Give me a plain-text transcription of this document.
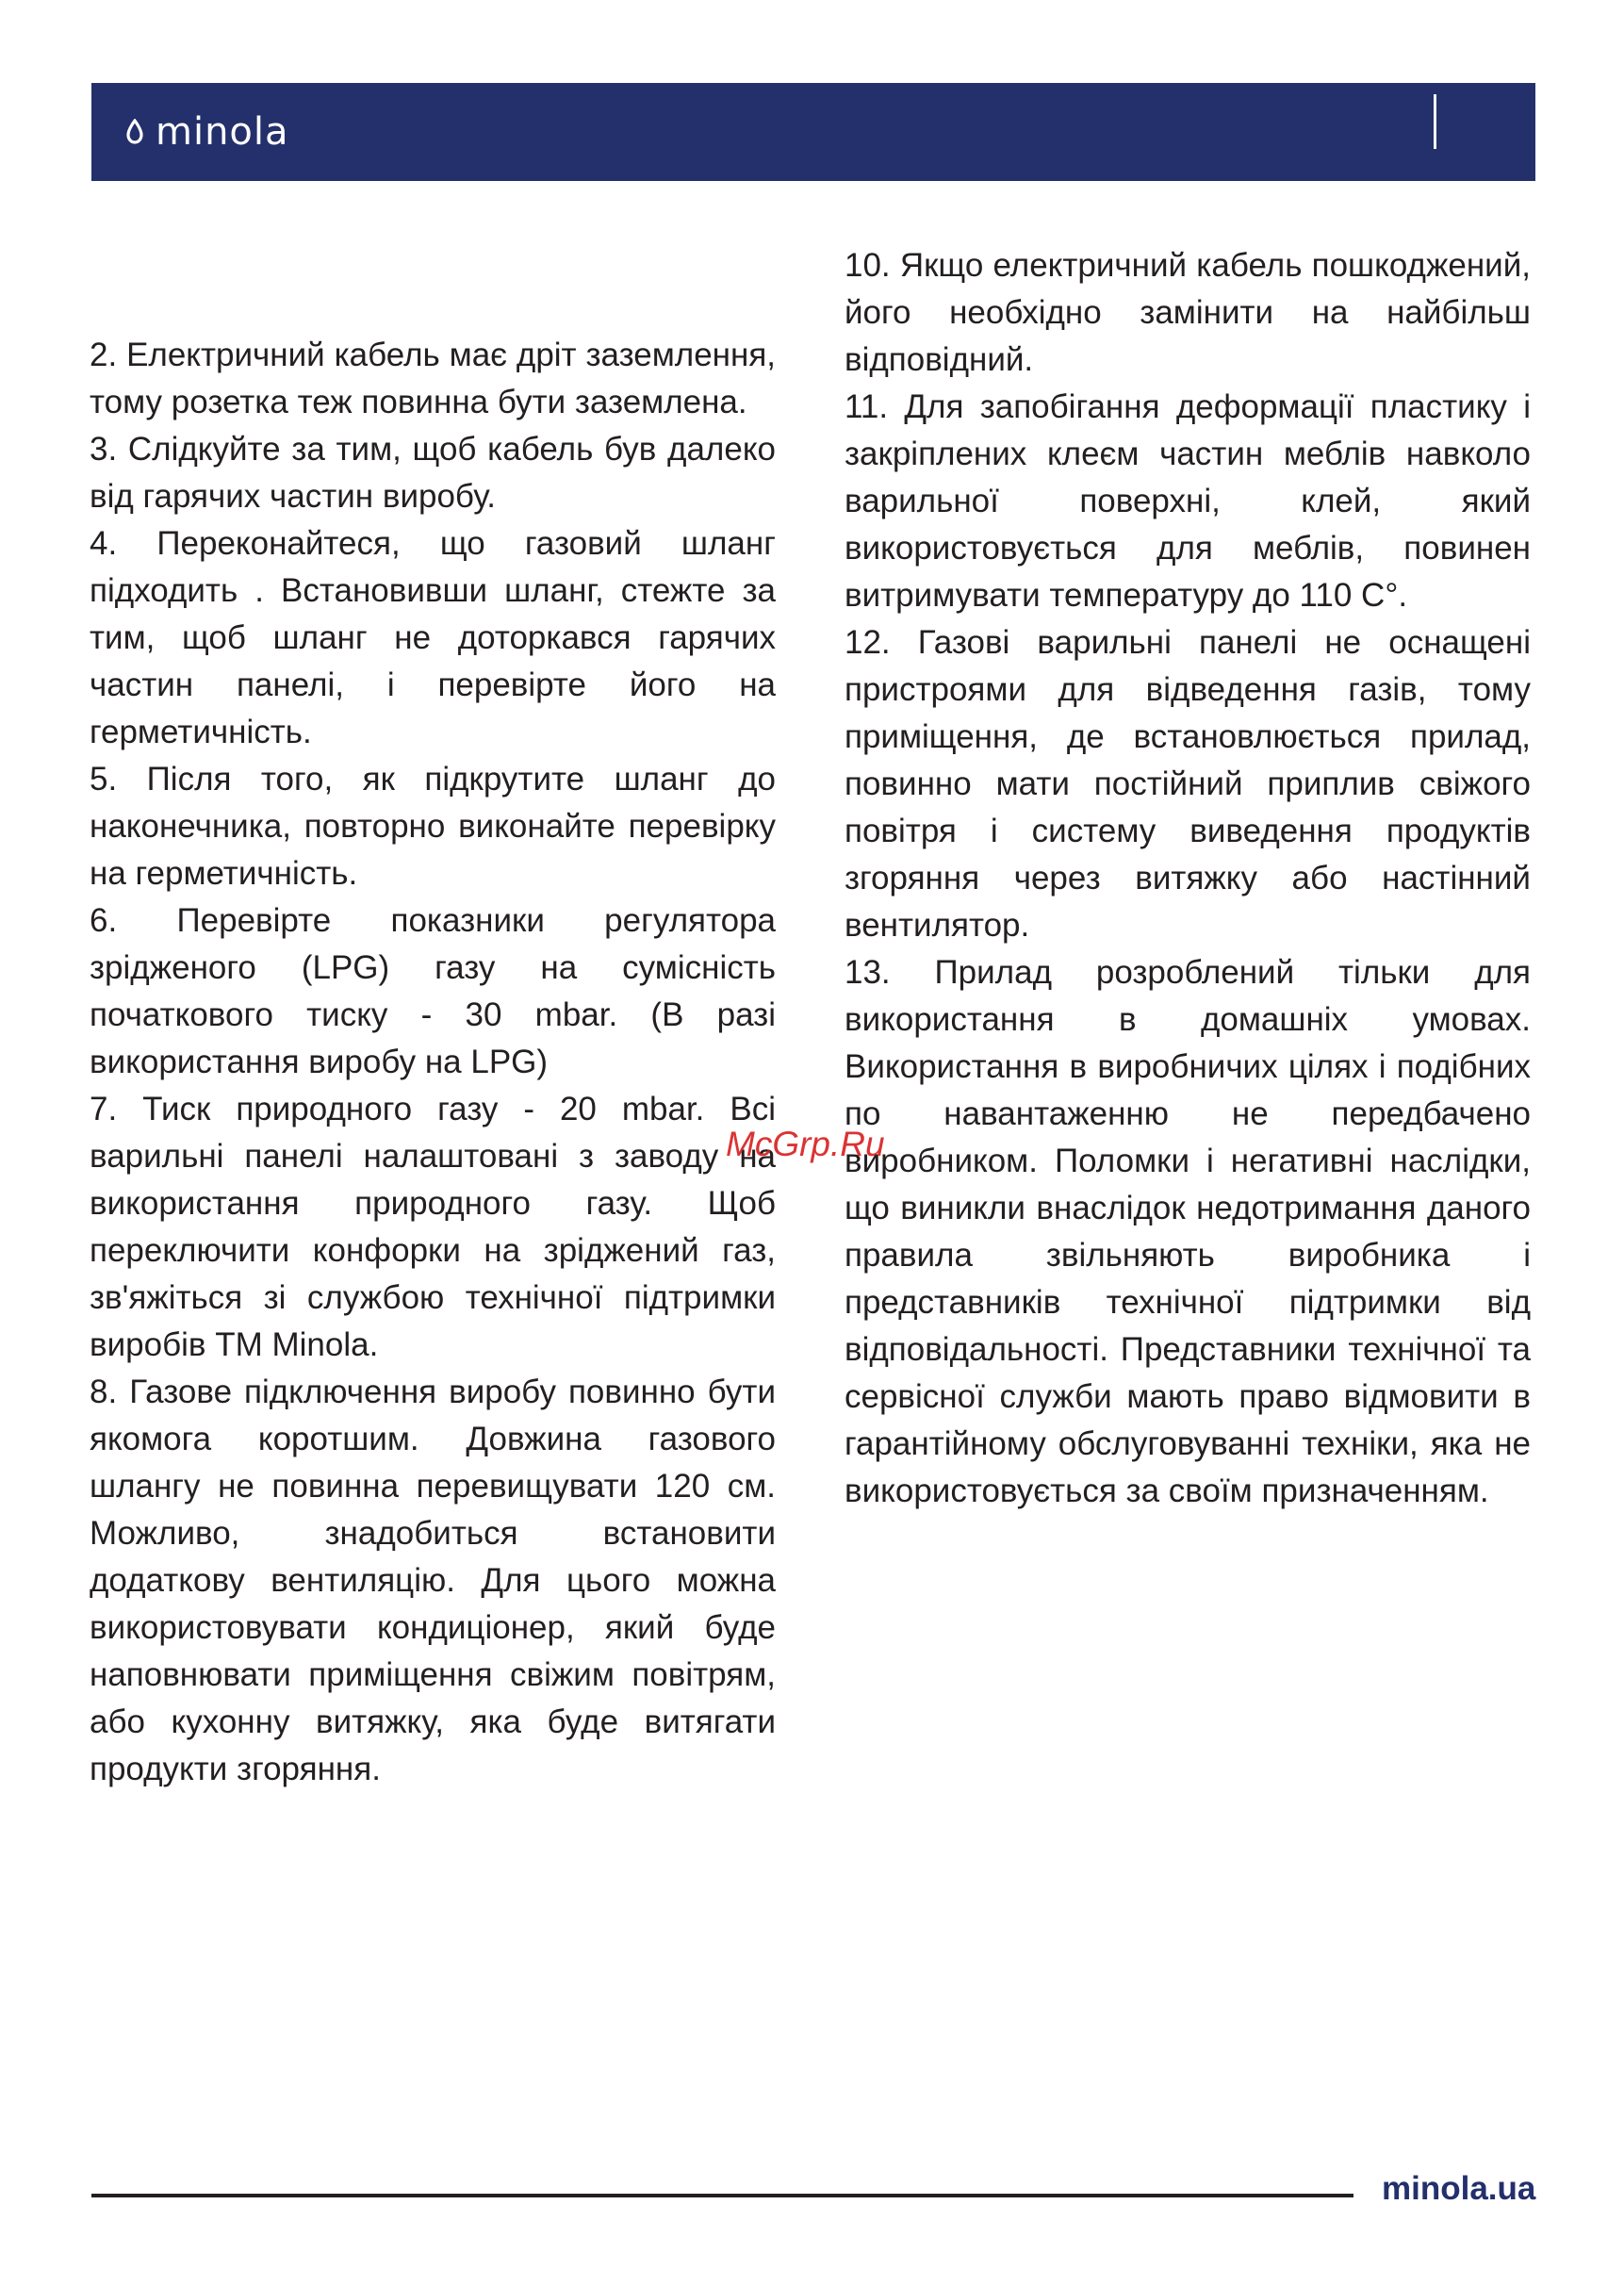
minola

2. Електричний кабель має дріт заземлення, тому розетка теж повинна бути заземлена.

3. Слідкуйте за тим, щоб кабель був далеко від гарячих частин виробу.

4. Переконайтеся, що газовий шланг підходить . Встановивши шланг, стежте за тим, щоб шланг не доторкався гарячих частин панелі, і перевірте його на герметичність.

5. Після того, як підкрутите шланг до наконечника, повторно виконайте перевірку на герметичність.

6. Перевірте показники регулятора зрідженого (LPG) газу на сумісність початкового тиску - 30 mbar. (В разі використання виробу на LPG)

7. Тиск природного газу - 20 mbar. Всі варильні панелі налаштовані з заводу на використання природного газу. Щоб переключити конфорки на зріджений газ, зв'яжіться зі службою технічної підтримки виробів ТМ Minola.

8. Газове підключення виробу повинно бути якомога коротшим. Довжина газового шлангу не повинна перевищувати 120 см. Можливо, знадобиться встановити додаткову вентиляцію. Для цього можна використовувати кондиціонер, який буде наповнювати приміщення свіжим повітрям, або кухонну витяжку, яка буде витягати продукти згоряння.

10. Якщо електричний кабель пошкоджений, його необхідно замінити на найбільш відповідний.

11. Для запобігання деформації пластику і закріплених клеєм частин меблів навколо варильної поверхні, клей, який використовується для меблів, повинен витримувати температуру до 110 С°.

12. Газові варильні панелі не оснащені пристроями для відведення газів, тому приміщення, де встановлюється прилад, повинно мати постійний приплив свіжого повітря і систему виведення продуктів згоряння через витяжку або настінний вентилятор.

13. Прилад розроблений тільки для використання в домашніх умовах. Використання в виробничих цілях і подібних по навантаженню не передбачено виробником. Поломки і негативні наслідки, що виникли внаслідок недотримання даного правила звільняють виробника і представників технічної підтримки від відповідальності. Представники технічної та сервісної служби мають право відмовити в гарантійному обслуговуванні техніки, яка не використовується за своїм призначенням.

McGrp.Ru
minola.ua
